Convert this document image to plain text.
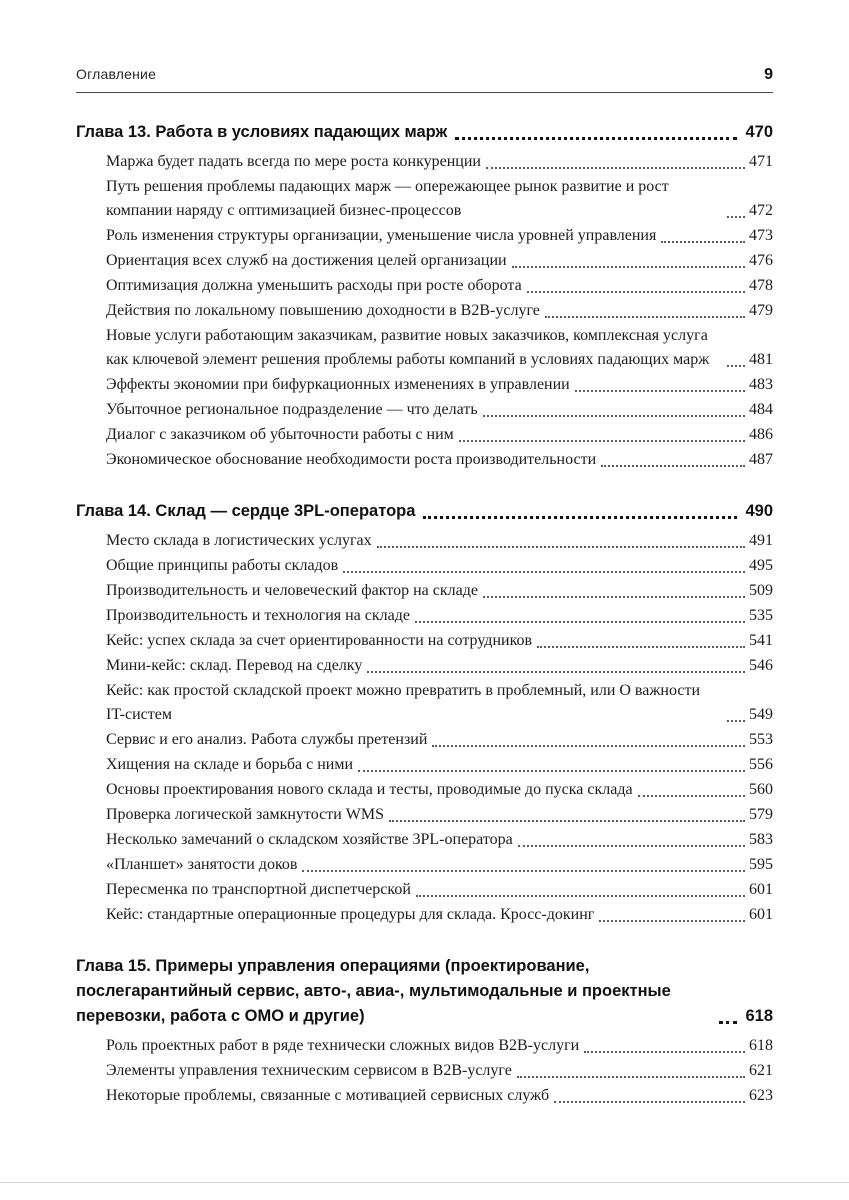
Оглавление	9
Глава 13. Работа в условиях падающих марж	470
Маржа будет падать всегда по мере роста конкуренции	471
Путь решения проблемы падающих марж — опережающее рынок развитие и рост компании наряду с оптимизацией бизнес-процессов	472
Роль изменения структуры организации, уменьшение числа уровней управления	473
Ориентация всех служб на достижения целей организации	476
Оптимизация должна уменьшить расходы при росте оборота	478
Действия по локальному повышению доходности в B2B-услуге	479
Новые услуги работающим заказчикам, развитие новых заказчиков, комплексная услуга как ключевой элемент решения проблемы работы компаний в условиях падающих марж	481
Эффекты экономии при бифуркационных изменениях в управлении	483
Убыточное региональное подразделение — что делать	484
Диалог с заказчиком об убыточности работы с ним	486
Экономическое обоснование необходимости роста производительности	487
Глава 14. Склад — сердце 3PL-оператора	490
Место склада в логистических услугах	491
Общие принципы работы складов	495
Производительность и человеческий фактор на складе	509
Производительность и технология на складе	535
Кейс: успех склада за счет ориентированности на сотрудников	541
Мини-кейс: склад. Перевод на сделку	546
Кейс: как простой складской проект можно превратить в проблемный, или О важности IT-систем	549
Сервис и его анализ. Работа службы претензий	553
Хищения на складе и борьба с ними	556
Основы проектирования нового склада и тесты, проводимые до пуска склада	560
Проверка логической замкнутости WMS	579
Несколько замечаний о складском хозяйстве 3PL-оператора	583
«Планшет» занятости доков	595
Пересменка по транспортной диспетчерской	601
Кейс: стандартные операционные процедуры для склада. Кросс-докинг	601
Глава 15. Примеры управления операциями (проектирование, послегарантийный сервис, авто-, авиа-, мультимодальные и проектные перевозки, работа с ОМО и другие)	618
Роль проектных работ в ряде технически сложных видов B2B-услуги	618
Элементы управления техническим сервисом в B2B-услуге	621
Некоторые проблемы, связанные с мотивацией сервисных служб	623
